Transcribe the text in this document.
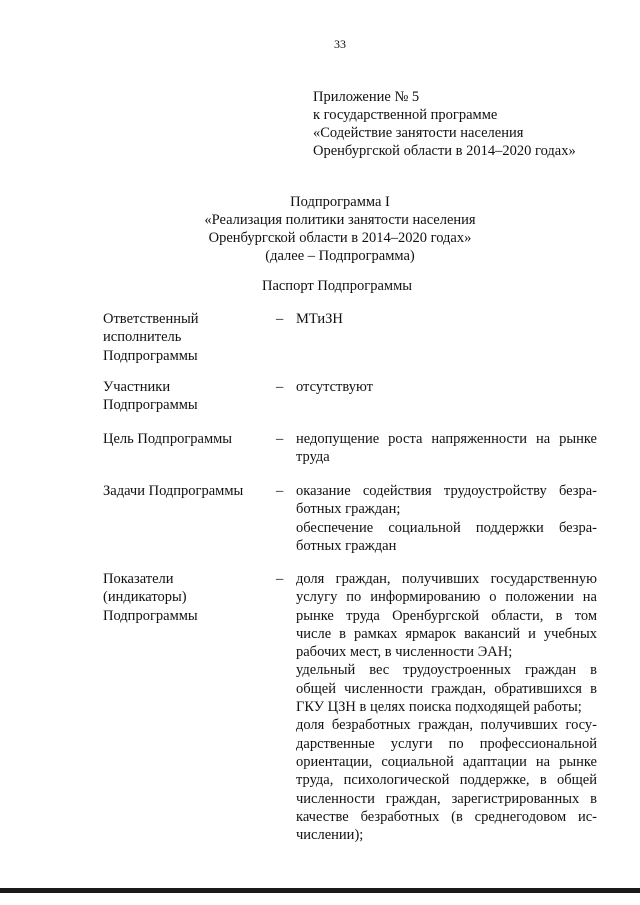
33
Приложение № 5
к государственной программе
«Содействие занятости населения
Оренбургской области в 2014–2020 годах»
Подпрограмма I
«Реализация политики занятости населения
Оренбургской области в 2014–2020 годах»
(далее – Подпрограмма)
Паспорт Подпрограммы
Ответственный
исполнитель
Подпрограммы
– МТиЗН
Участники
Подпрограммы
– отсутствуют
Цель Подпрограммы	– недопущение роста напряженности на рынке
труда
Задачи Подпрограммы	– оказание содействия трудоустройству безра-
ботных граждан;
обеспечение социальной поддержки безра-
ботных граждан
Показатели
(индикаторы)
Подпрограммы
– доля граждан, получивших государственную
услугу по информированию о положении на
рынке труда Оренбургской области, в том
числе в рамках ярмарок вакансий и учебных
рабочих мест, в численности ЭАН;
удельный вес трудоустроенных граждан в
общей численности граждан, обратившихся в
ГКУ ЦЗН в целях поиска подходящей работы;
доля безработных граждан, получивших госу-
дарственные услуги по профессиональной
ориентации, социальной адаптации на рынке
труда, психологической поддержке, в общей
численности граждан, зарегистрированных в
качестве безработных (в среднегодовом ис-
числении);
